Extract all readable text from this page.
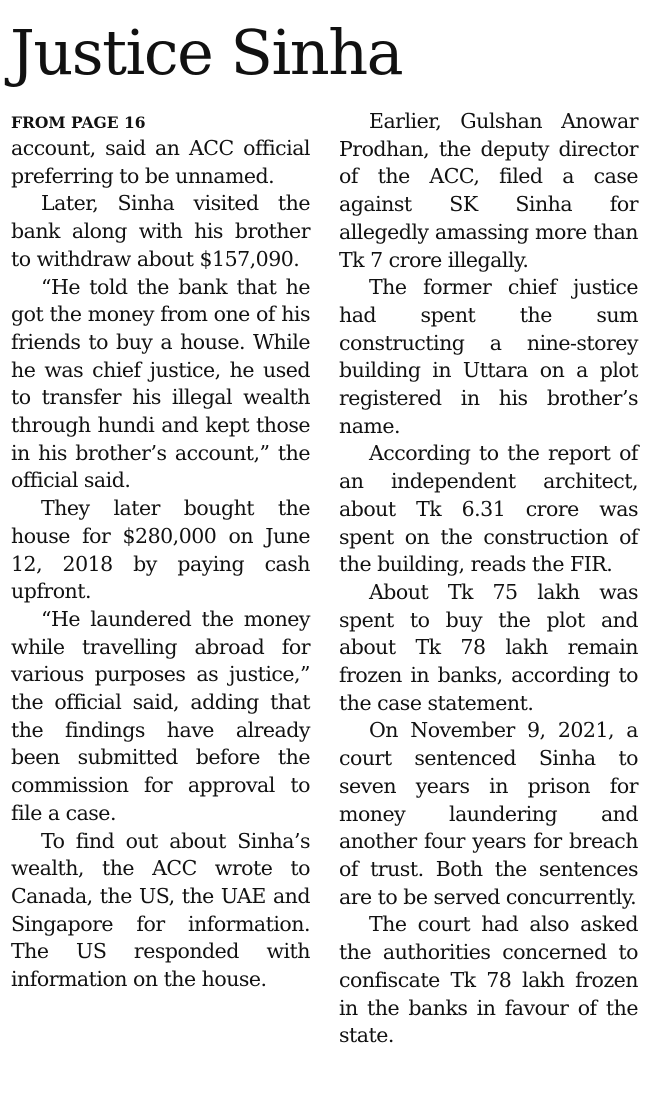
Justice Sinha
FROM PAGE 16

account, said an ACC official preferring to be unnamed.

Later, Sinha visited the bank along with his brother to withdraw about $157,090.

“He told the bank that he got the money from one of his friends to buy a house. While he was chief justice, he used to transfer his illegal wealth through hundi and kept those in his brother’s account,” the official said.

They later bought the house for $280,000 on June 12, 2018 by paying cash upfront.

“He laundered the money while travelling abroad for various purposes as justice,” the official said, adding that the findings have already been submitted before the commission for approval to file a case.

To find out about Sinha’s wealth, the ACC wrote to Canada, the US, the UAE and Singapore for information. The US responded with information on the house.

Earlier, Gulshan Anowar Prodhan, the deputy director of the ACC, filed a case against SK Sinha for allegedly amassing more than Tk 7 crore illegally.

The former chief justice had spent the sum constructing a nine-storey building in Uttara on a plot registered in his brother’s name.

According to the report of an independent architect, about Tk 6.31 crore was spent on the construction of the building, reads the FIR.

About Tk 75 lakh was spent to buy the plot and about Tk 78 lakh remain frozen in banks, according to the case statement.

On November 9, 2021, a court sentenced Sinha to seven years in prison for money laundering and another four years for breach of trust. Both the sentences are to be served concurrently.

The court had also asked the authorities concerned to confiscate Tk 78 lakh frozen in the banks in favour of the state.
